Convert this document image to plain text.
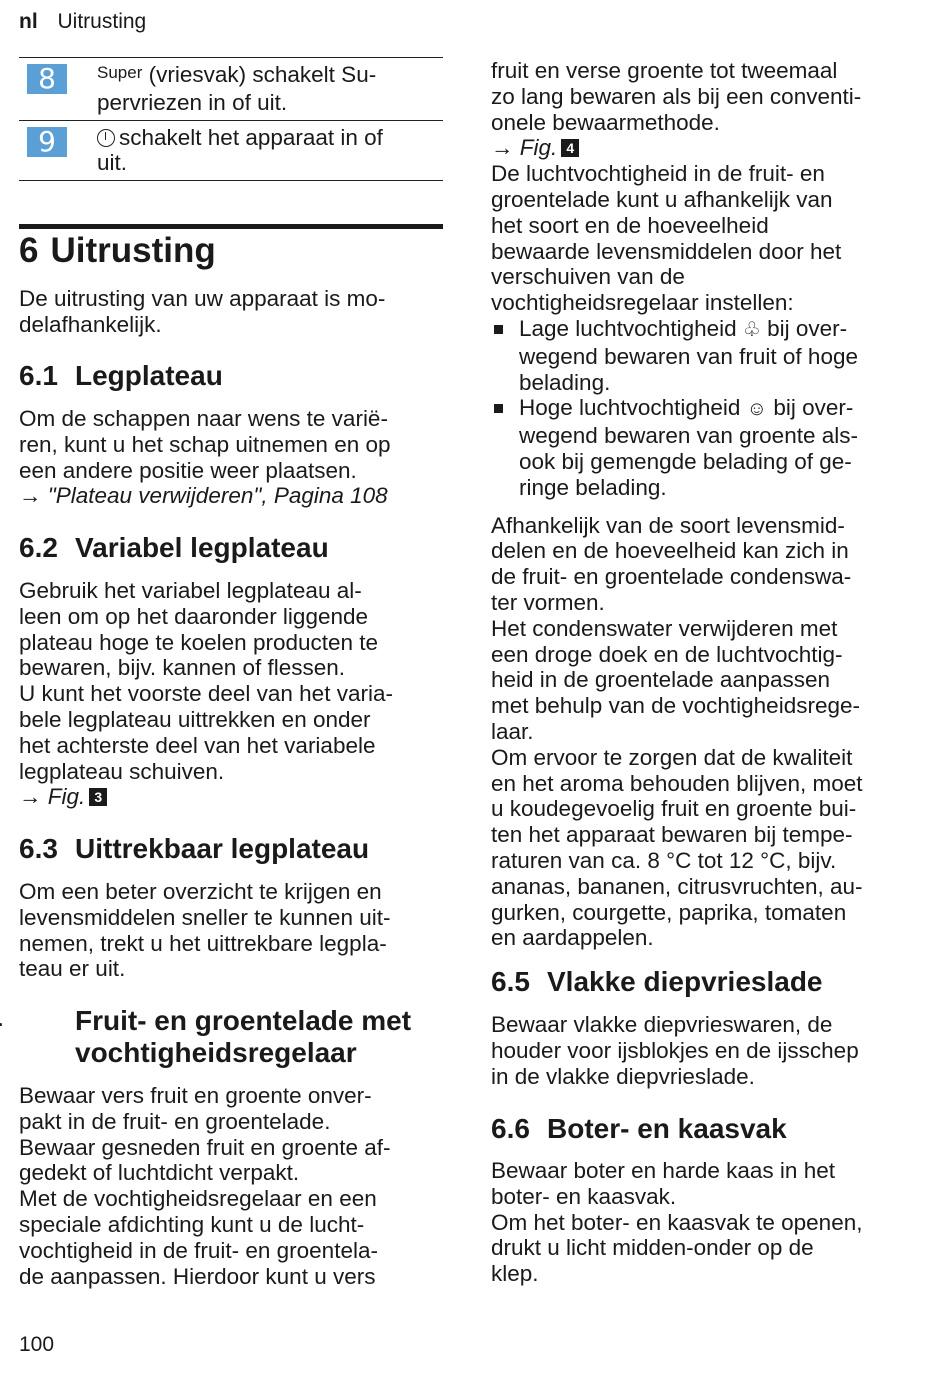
nl Uitrusting
8	Super (vriesvak) schakelt Su-
pervriezen in of uit.
9	schakelt het apparaat in of
uit.
6 Uitrusting

De uitrusting van uw apparaat is mo-
delafhankelijk.

6.1 Legplateau

Om de schappen naar wens te varië-
ren, kunt u het schap uitnemen en op
een andere positie weer plaatsen.

→ "Plateau verwijderen", Pagina 108

6.2 Variabel legplateau

Gebruik het variabel legplateau al-
leen om op het daaronder liggende
plateau hoge te koelen producten te
bewaren, bijv. kannen of flessen.
U kunt het voorste deel van het varia-
bele legplateau uittrekken en onder
het achterste deel van het variabele
legplateau schuiven.

→ Fig. 3

6.3 Uittrekbaar legplateau

Om een beter overzicht te krijgen en
levensmiddelen sneller te kunnen uit-
nemen, trekt u het uittrekbare legpla-
teau er uit.

Fruit- en groentelade met vochtigheidsregelaar

Bewaar vers fruit en groente onver-
pakt in de fruit- en groentelade.
Bewaar gesneden fruit en groente af-
gedekt of luchtdicht verpakt.
Met de vochtigheidsregelaar en een
speciale afdichting kunt u de lucht-
vochtigheid in de fruit- en groentela-
de aanpassen. Hierdoor kunt u vers

fruit en verse groente tot tweemaal
zo lang bewaren als bij een conventi-
onele bewaarmethode.

→ Fig. 4

De luchtvochtigheid in de fruit- en
groentelade kunt u afhankelijk van
het soort en de hoeveelheid
bewaarde levensmiddelen door het
verschuiven van de
vochtigheidsregelaar instellen:

Lage luchtvochtigheid ♧ bij over-
wegend bewaren van fruit of hoge
belading.
Hoge luchtvochtigheid ☺ bij over-
wegend bewaren van groente als-
ook bij gemengde belading of ge-
ringe belading.

Afhankelijk van de soort levensmid-
delen en de hoeveelheid kan zich in
de fruit- en groentelade condenswa-
ter vormen.
Het condenswater verwijderen met
een droge doek en de luchtvochtig-
heid in de groentelade aanpassen
met behulp van de vochtigheidsrege-
laar.
Om ervoor te zorgen dat de kwaliteit
en het aroma behouden blijven, moet
u koudegevoelig fruit en groente bui-
ten het apparaat bewaren bij tempe-
raturen van ca. 8 °C tot 12 °C, bijv.
ananas, bananen, citrusvruchten, au-
gurken, courgette, paprika, tomaten
en aardappelen.

6.5 Vlakke diepvrieslade

Bewaar vlakke diepvrieswaren, de
houder voor ijsblokjes en de ijsschep
in de vlakke diepvrieslade.

6.6 Boter- en kaasvak

Bewaar boter en harde kaas in het
boter- en kaasvak.
Om het boter- en kaasvak te openen,
drukt u licht midden-onder op de
klep.

100
